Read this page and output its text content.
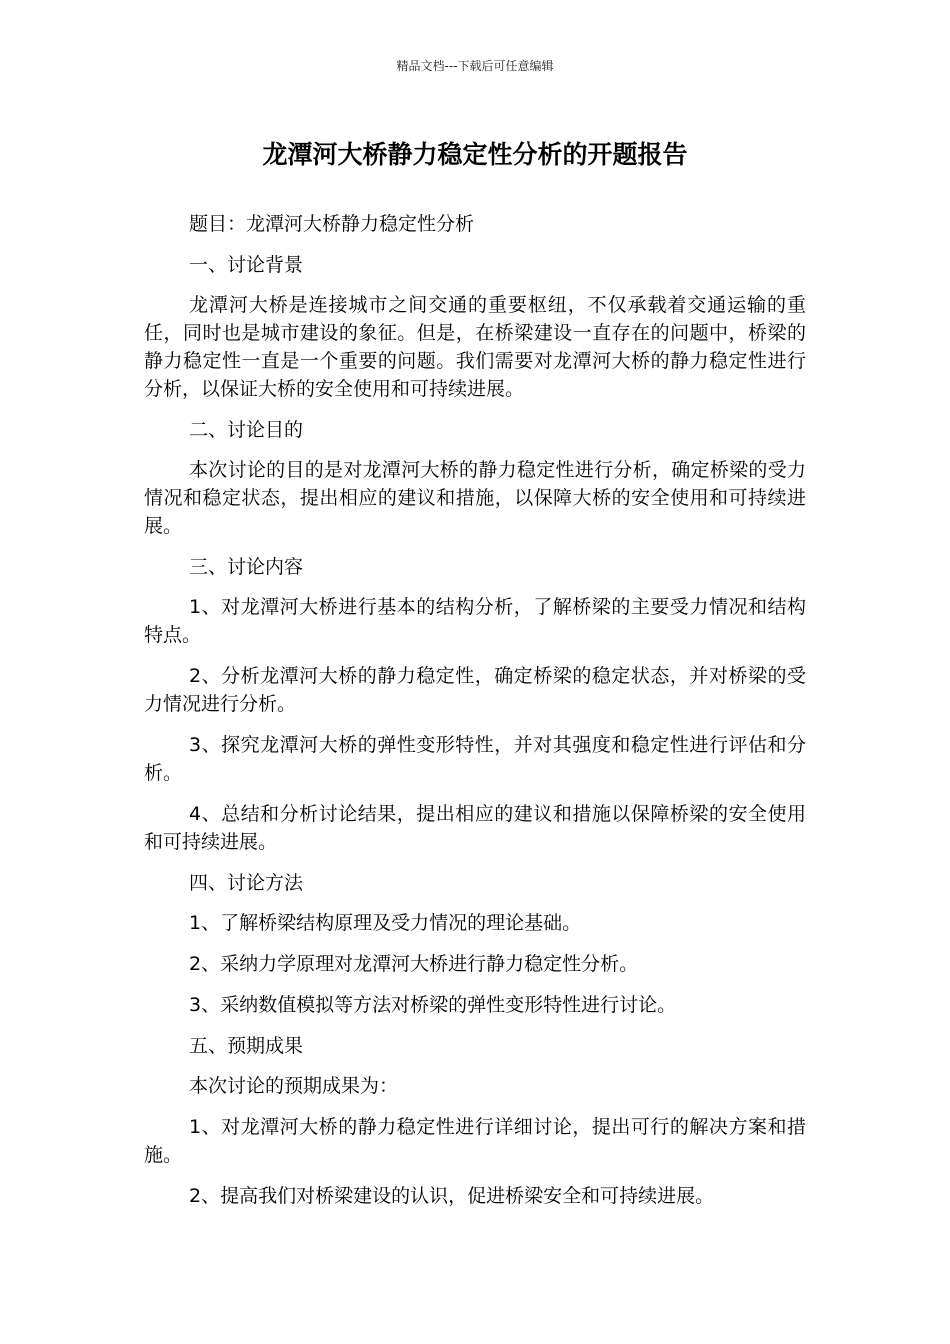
精品文档---下载后可任意编辑
龙潭河大桥静力稳定性分析的开题报告

题目：龙潭河大桥静力稳定性分析

一、讨论背景

龙潭河大桥是连接城市之间交通的重要枢纽，不仅承载着交通运输的重任，同时也是城市建设的象征。但是，在桥梁建设一直存在的问题中，桥梁的静力稳定性一直是一个重要的问题。我们需要对龙潭河大桥的静力稳定性进行分析，以保证大桥的安全使用和可持续进展。

二、讨论目的

本次讨论的目的是对龙潭河大桥的静力稳定性进行分析，确定桥梁的受力情况和稳定状态，提出相应的建议和措施，以保障大桥的安全使用和可持续进展。

三、讨论内容

1、对龙潭河大桥进行基本的结构分析，了解桥梁的主要受力情况和结构特点。

2、分析龙潭河大桥的静力稳定性，确定桥梁的稳定状态，并对桥梁的受力情况进行分析。

3、探究龙潭河大桥的弹性变形特性，并对其强度和稳定性进行评估和分析。

4、总结和分析讨论结果，提出相应的建议和措施以保障桥梁的安全使用和可持续进展。

四、讨论方法

1、了解桥梁结构原理及受力情况的理论基础。

2、采纳力学原理对龙潭河大桥进行静力稳定性分析。

3、采纳数值模拟等方法对桥梁的弹性变形特性进行讨论。

五、预期成果

本次讨论的预期成果为：

1、对龙潭河大桥的静力稳定性进行详细讨论，提出可行的解决方案和措施。

2、提高我们对桥梁建设的认识，促进桥梁安全和可持续进展。
